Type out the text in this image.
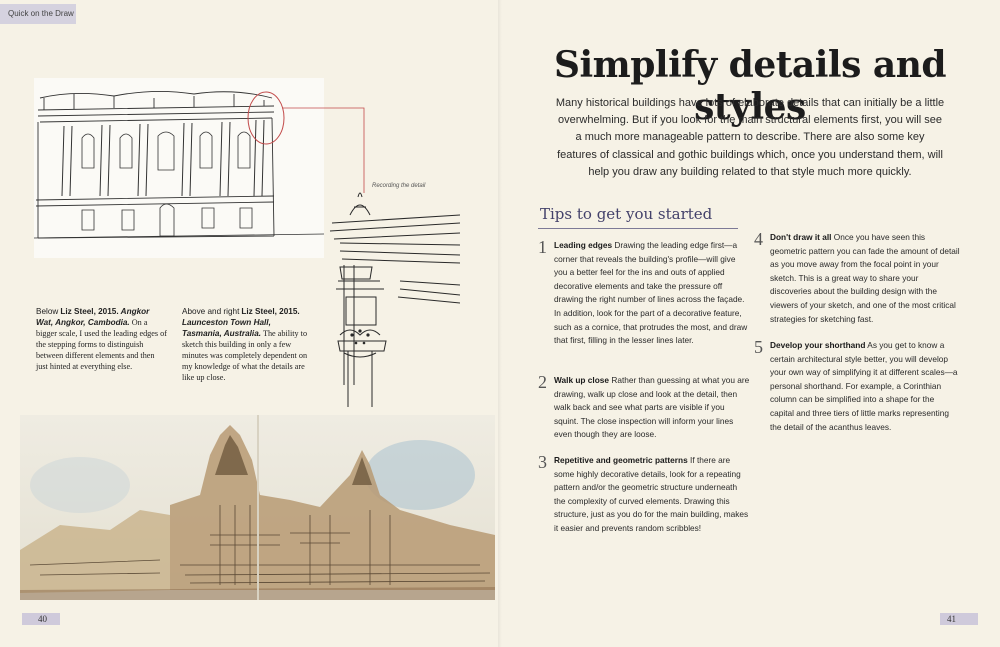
Quick on the Draw
Recording the detail
Below Liz Steel, 2015. Angkor Wat, Angkor, Cambodia. On a bigger scale, I used the leading edges of the stepping forms to distinguish between different elements and then just hinted at everything else.
Above and right Liz Steel, 2015. Launceston Town Hall, Tasmania, Australia. The ability to sketch this building in only a few minutes was completely dependent on my knowledge of what the details are like up close.
Simplify details and styles

Many historical buildings have lots of elaborate details that can initially be a little overwhelming. But if you look for the main structural elements first, you will see a much more manageable pattern to describe. There are also some key features of classical and gothic buildings which, once you understand them, will help you draw any building related to that style much more quickly.

Tips to get you started
1 Leading edges Drawing the leading edge first—a corner that reveals the building's profile—will give you a better feel for the ins and outs of applied decorative elements and take the pressure off drawing the right number of lines across the façade. In addition, look for the part of a decorative feature, such as a cornice, that protrudes the most, and draw that first, filling in the lesser lines later.
2 Walk up close Rather than guessing at what you are drawing, walk up close and look at the detail, then walk back and see what parts are visible if you squint. The close inspection will inform your lines even though they are loose.
3 Repetitive and geometric patterns If there are some highly decorative details, look for a repeating pattern and/or the geometric structure underneath the complexity of curved elements. Drawing this structure, just as you do for the main building, makes it easier and prevents random scribbles!
4 Don't draw it all Once you have seen this geometric pattern you can fade the amount of detail as you move away from the focal point in your sketch. This is a great way to share your discoveries about the building design with the viewers of your sketch, and one of the most critical strategies for sketching fast.
5 Develop your shorthand As you get to know a certain architectural style better, you will develop your own way of simplifying it at different scales—a personal shorthand. For example, a Corinthian column can be simplified into a shape for the capital and three tiers of little marks representing the detail of the acanthus leaves.
40	41
